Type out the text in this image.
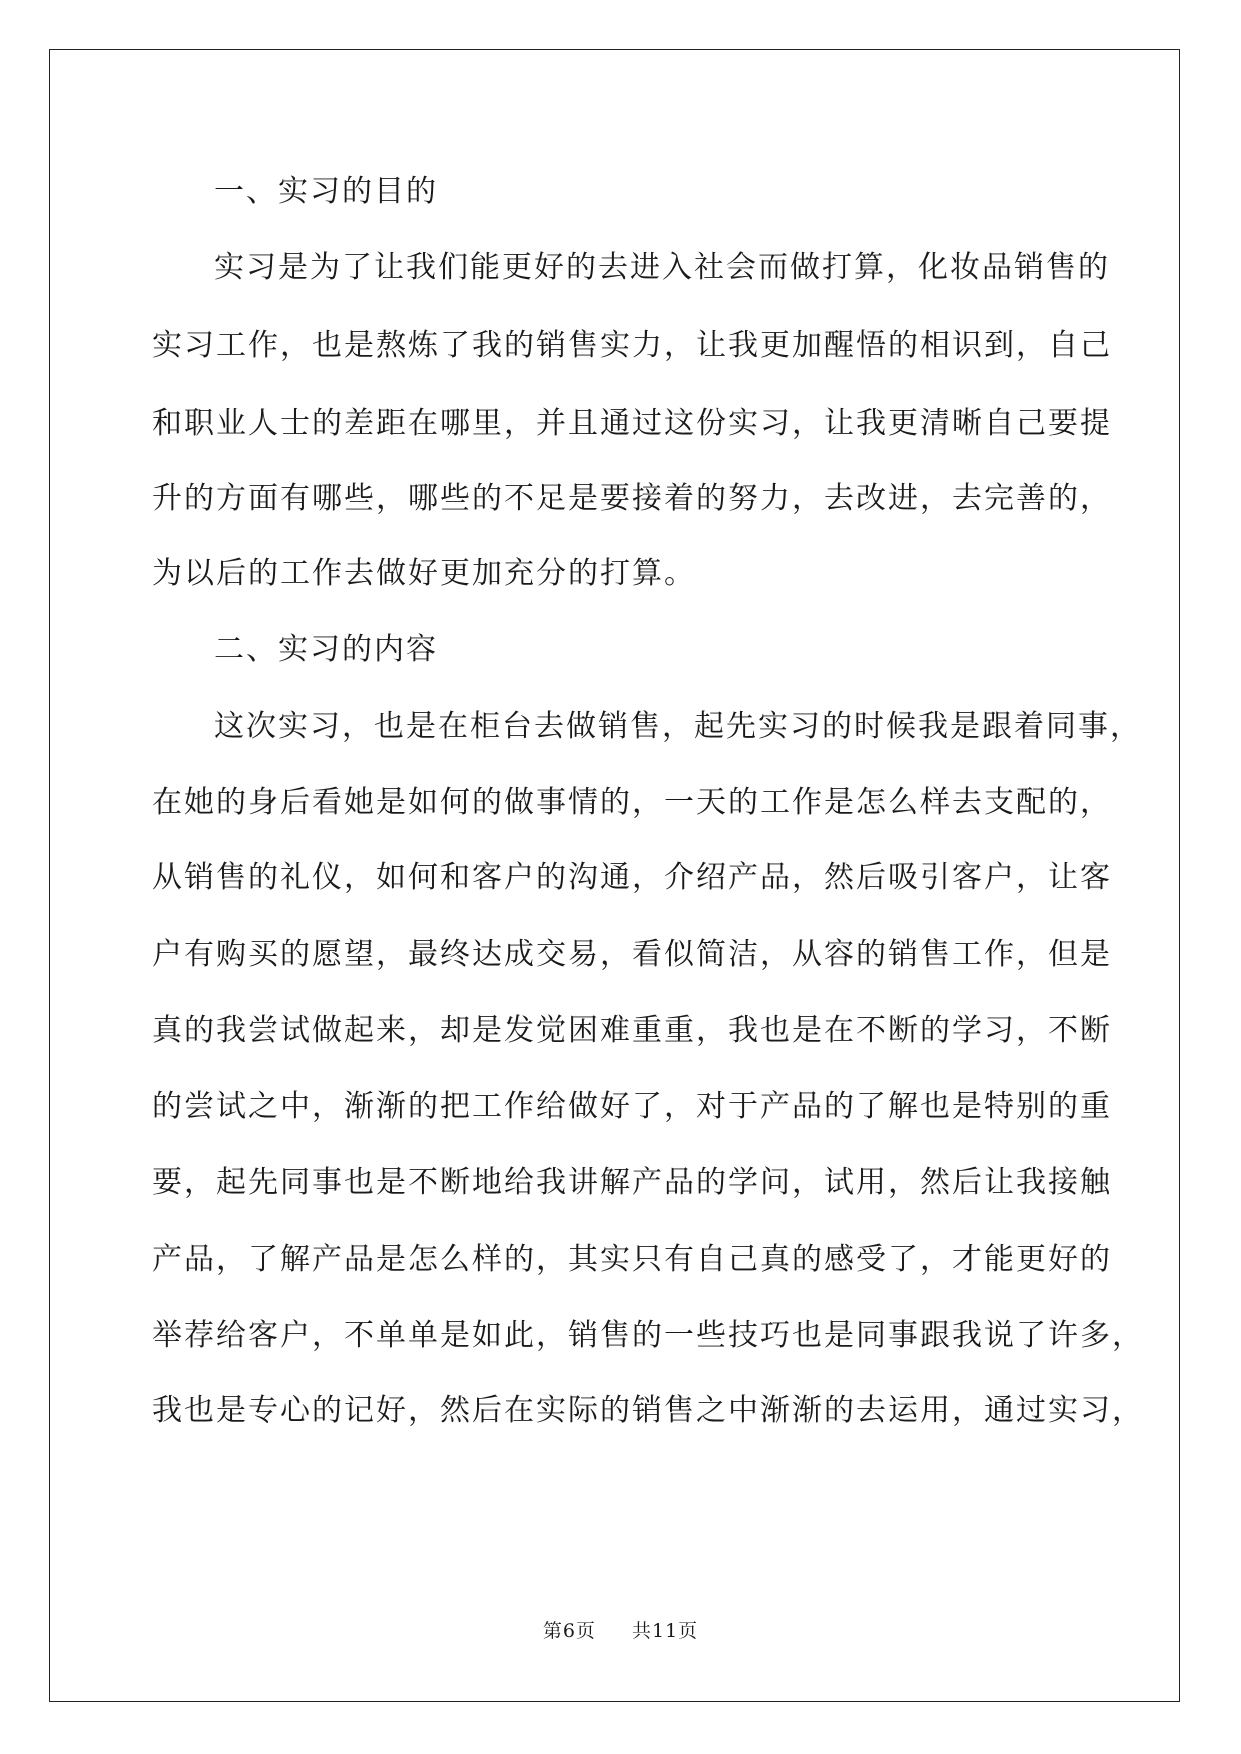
一、实习的目的
实习是为了让我们能更好的去进入社会而做打算，化妆品销售的
实习工作，也是熬炼了我的销售实力，让我更加醒悟的相识到，自己
和职业人士的差距在哪里，并且通过这份实习，让我更清晰自己要提
升的方面有哪些，哪些的不足是要接着的努力，去改进，去完善的，
为以后的工作去做好更加充分的打算。
二、实习的内容
这次实习，也是在柜台去做销售，起先实习的时候我是跟着同事，
在她的身后看她是如何的做事情的，一天的工作是怎么样去支配的，
从销售的礼仪，如何和客户的沟通，介绍产品，然后吸引客户，让客
户有购买的愿望，最终达成交易，看似简洁，从容的销售工作，但是
真的我尝试做起来，却是发觉困难重重，我也是在不断的学习，不断
的尝试之中，渐渐的把工作给做好了，对于产品的了解也是特别的重
要，起先同事也是不断地给我讲解产品的学问，试用，然后让我接触
产品，了解产品是怎么样的，其实只有自己真的感受了，才能更好的
举荐给客户，不单单是如此，销售的一些技巧也是同事跟我说了许多，
我也是专心的记好，然后在实际的销售之中渐渐的去运用，通过实习，
第6页 共11页
